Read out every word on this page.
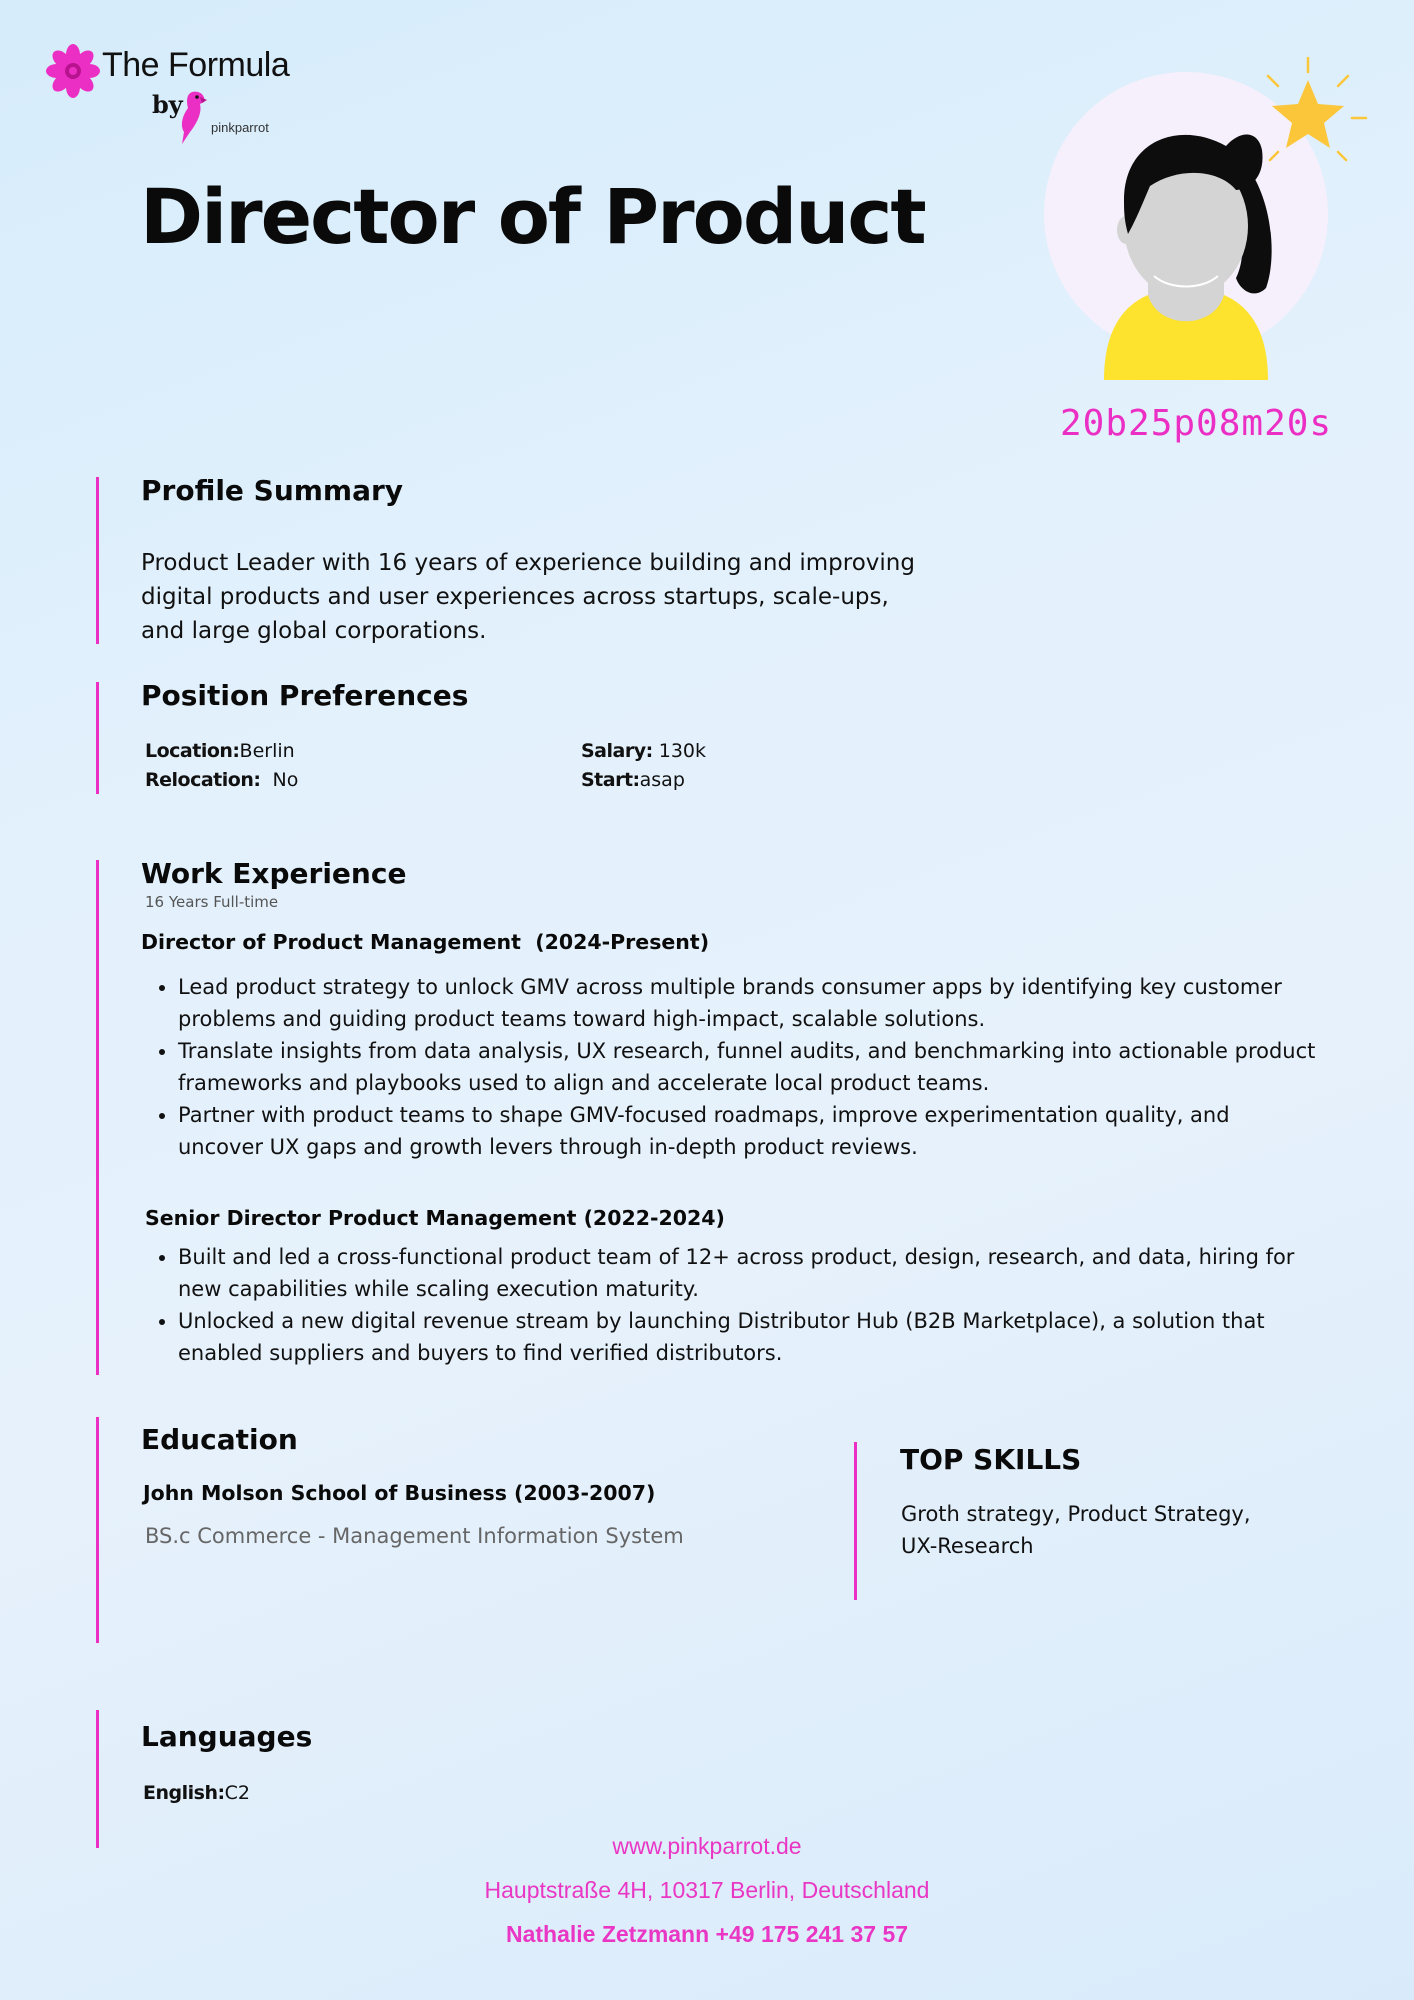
The Formula
by
pinkparrot
Director of Product
20b25p08m20s
Profile Summary
Product Leader with 16 years of experience building and improving
digital products and user experiences across startups, scale-ups,
and large global corporations.
Position Preferences
Location:Berlin
Relocation: No
Salary: 130k
Start:asap
Work Experience
16 Years Full-time
Director of Product Management  (2024-Present)
• Lead product strategy to unlock GMV across multiple brands consumer apps by identifying key customer problems and guiding product teams toward high-impact, scalable solutions.
• Translate insights from data analysis, UX research, funnel audits, and benchmarking into actionable product frameworks and playbooks used to align and accelerate local product teams.
• Partner with product teams to shape GMV-focused roadmaps, improve experimentation quality, and uncover UX gaps and growth levers through in-depth product reviews.
Senior Director Product Management (2022-2024)
• Built and led a cross-functional product team of 12+ across product, design, research, and data, hiring for new capabilities while scaling execution maturity.
• Unlocked a new digital revenue stream by launching Distributor Hub (B2B Marketplace), a solution that enabled suppliers and buyers to find verified distributors.
Education
John Molson School of Business (2003-2007)
BS.c Commerce - Management Information System
TOP SKILLS
Groth strategy, Product Strategy,
UX-Research
Languages
English:C2
www.pinkparrot.de
Hauptstraße 4H, 10317 Berlin, Deutschland
Nathalie Zetzmann +49 175 241 37 57
